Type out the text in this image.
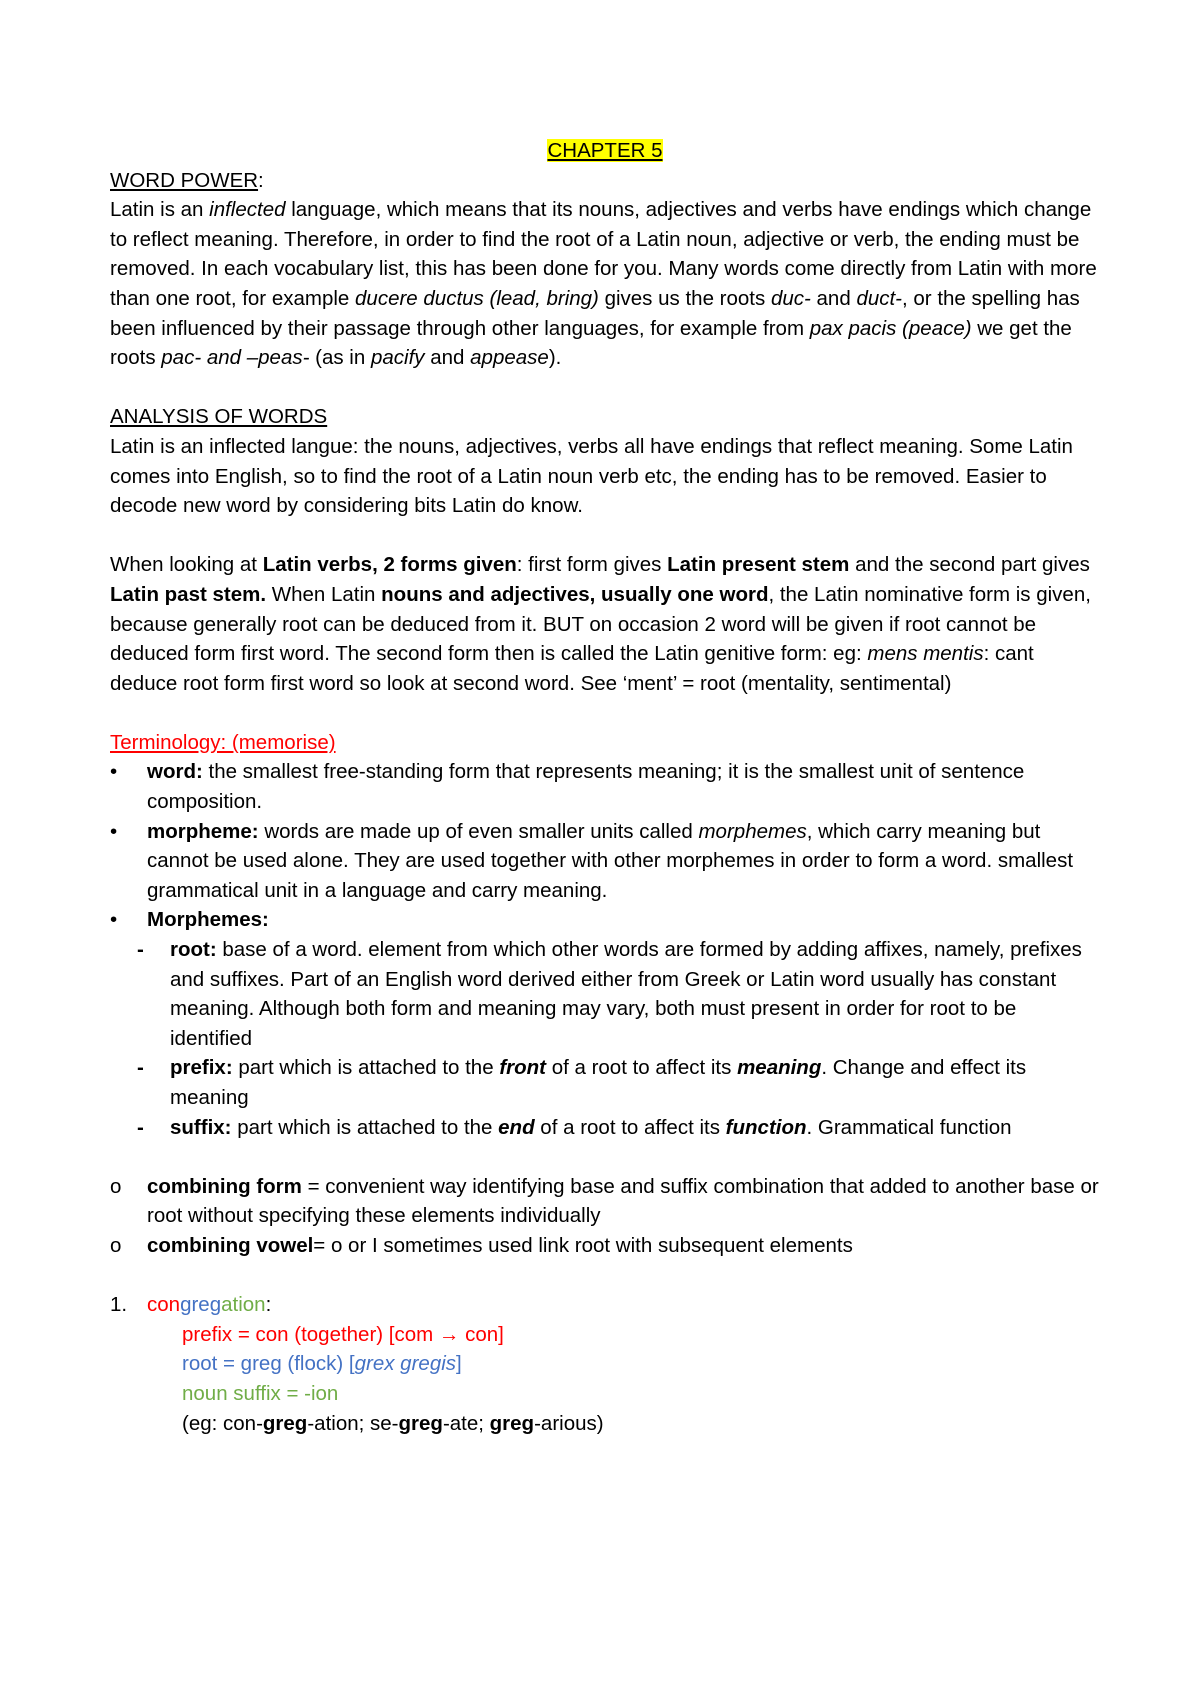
CHAPTER 5

WORD POWER:

Latin is an inflected language, which means that its nouns, adjectives and verbs have endings which change to reflect meaning. Therefore, in order to find the root of a Latin noun, adjective or verb, the ending must be removed. In each vocabulary list, this has been done for you. Many words come directly from Latin with more than one root, for example ducere ductus (lead, bring) gives us the roots duc- and duct-, or the spelling has been influenced by their passage through other languages, for example from pax pacis (peace) we get the roots pac- and –peas- (as in pacify and appease).

ANALYSIS OF WORDS

Latin is an inflected langue: the nouns, adjectives, verbs all have endings that reflect meaning. Some Latin comes into English, so to find the root of a Latin noun verb etc, the ending has to be removed. Easier to decode new word by considering bits Latin do know.

When looking at Latin verbs, 2 forms given: first form gives Latin present stem and the second part gives Latin past stem. When Latin nouns and adjectives, usually one word, the Latin nominative form is given, because generally root can be deduced from it. BUT on occasion 2 word will be given if root cannot be deduced form first word. The second form then is called the Latin genitive form: eg: mens mentis: cant deduce root form first word so look at second word. See ‘ment’ = root (mentality, sentimental)

Terminology: (memorise)

• word: the smallest free-standing form that represents meaning; it is the smallest unit of sentence composition.
• morpheme: words are made up of even smaller units called morphemes, which carry meaning but cannot be used alone. They are used together with other morphemes in order to form a word. smallest grammatical unit in a language and carry meaning.
• Morphemes:
- root: base of a word. element from which other words are formed by adding affixes, namely, prefixes and suffixes. Part of an English word derived either from Greek or Latin word usually has constant meaning. Although both form and meaning may vary, both must present in order for root to be identified
- prefix: part which is attached to the front of a root to affect its meaning. Change and effect its meaning
- suffix: part which is attached to the end of a root to affect its function. Grammatical function
o combining form = convenient way identifying base and suffix combination that added to another base or root without specifying these elements individually
o combining vowel= o or I sometimes used link root with subsequent elements
1. congregation:

prefix = con (together) [com → con]

root = greg (flock) [grex gregis]

noun suffix = -ion

(eg: con-greg-ation; se-greg-ate; greg-arious)
